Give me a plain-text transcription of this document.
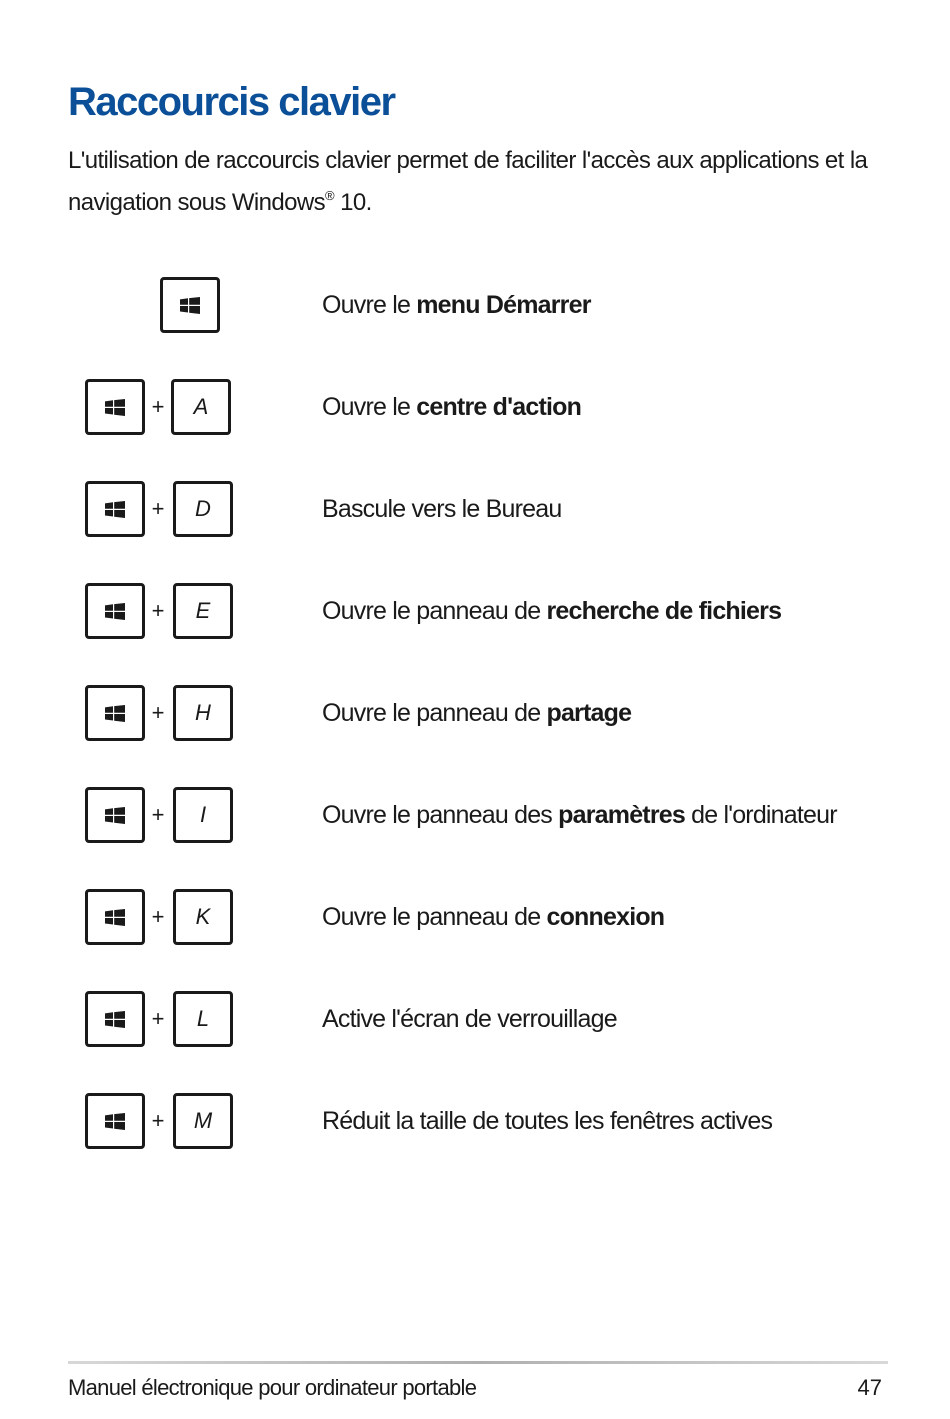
Raccourcis clavier

L'utilisation de raccourcis clavier permet de faciliter l'accès aux applications et la navigation sous Windows® 10.

Ouvre le menu Démarrer
+	A	Ouvre le centre d'action
+	D	Bascule vers le Bureau
+	E	Ouvre le panneau de recherche de fichiers
+	H	Ouvre le panneau de partage
+	I	Ouvre le panneau des paramètres de l'ordinateur
+	K	Ouvre le panneau de connexion
+	L	Active l'écran de verrouillage
+	M	Réduit la taille de toutes les fenêtres actives
Manuel électronique pour ordinateur portable	47
